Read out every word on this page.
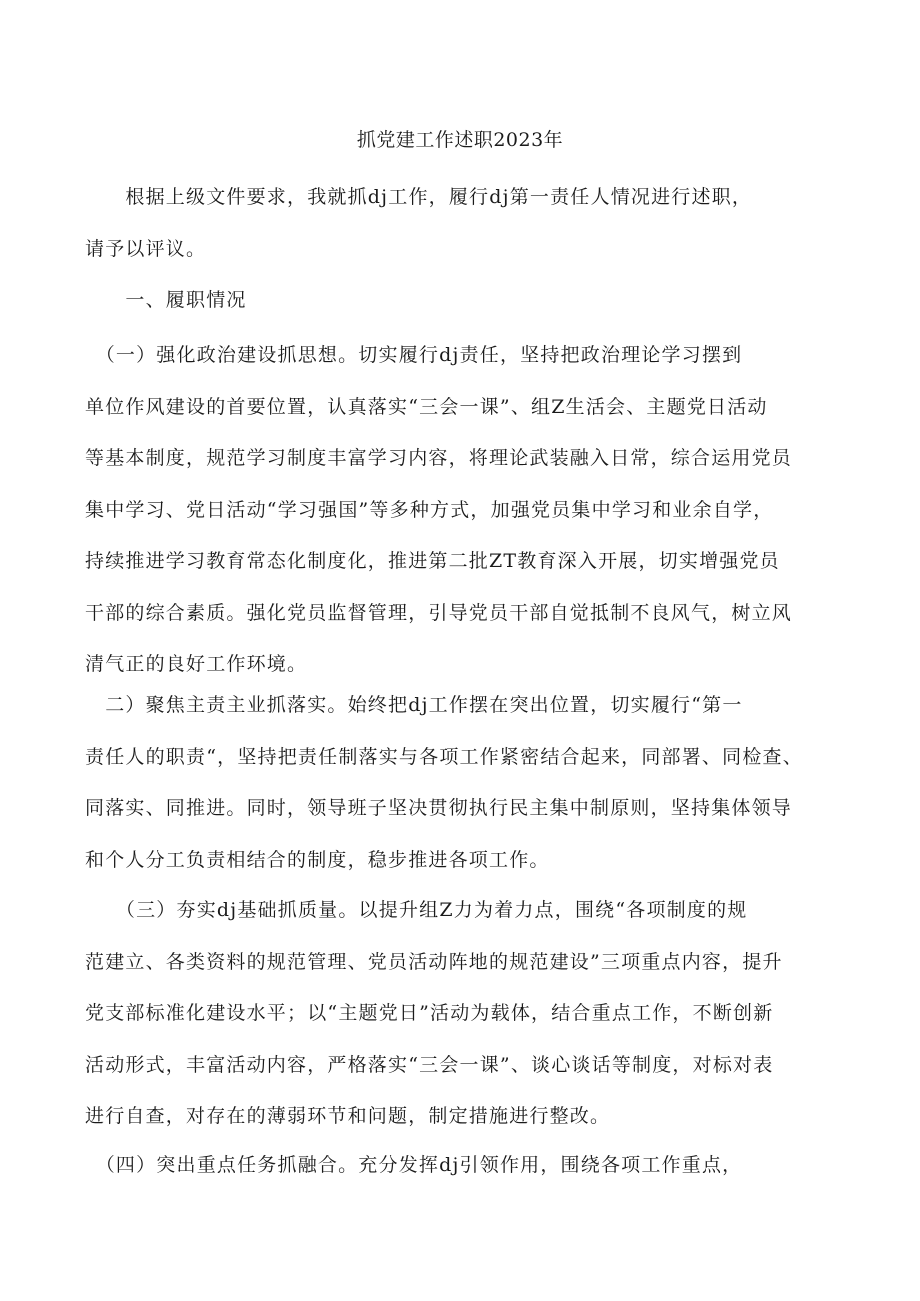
抓党建工作述职2023年
　　根据上级文件要求，我就抓dj工作，履行dj第一责任人情况进行述职，
请予以评议。
　　一、履职情况
　（一）强化政治建设抓思想。切实履行dj责任，坚持把政治理论学习摆到
单位作风建设的首要位置，认真落实“三会一课”、组Z生活会、主题党日活动
等基本制度，规范学习制度丰富学习内容，将理论武装融入日常，综合运用党员
集中学习、党日活动“学习强国”等多种方式，加强党员集中学习和业余自学，
持续推进学习教育常态化制度化，推进第二批ZT教育深入开展，切实增强党员
干部的综合素质。强化党员监督管理，引导党员干部自觉抵制不良风气，树立风
清气正的良好工作环境。
　二）聚焦主责主业抓落实。始终把dj工作摆在突出位置，切实履行“第一
责任人的职责“，坚持把责任制落实与各项工作紧密结合起来，同部署、同检查、
同落实、同推进。同时，领导班子坚决贯彻执行民主集中制原则，坚持集体领导
和个人分工负责相结合的制度，稳步推进各项工作。
　　（三）夯实dj基础抓质量。以提升组Z力为着力点，围绕“各项制度的规
范建立、各类资料的规范管理、党员活动阵地的规范建设”三项重点内容，提升
党支部标准化建设水平；以“主题党日”活动为载体，结合重点工作，不断创新
活动形式，丰富活动内容，严格落实“三会一课”、谈心谈话等制度，对标对表
进行自查，对存在的薄弱环节和问题，制定措施进行整改。
　（四）突出重点任务抓融合。充分发挥dj引领作用，围绕各项工作重点，
